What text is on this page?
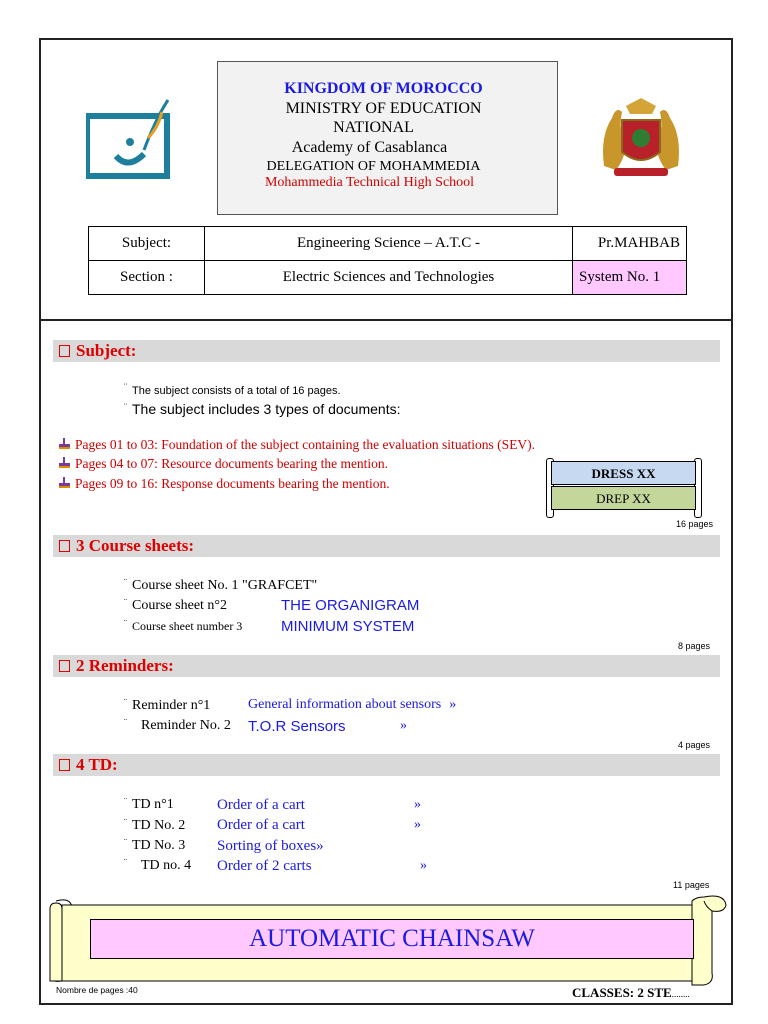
KINGDOM OF MOROCCO
MINISTRY OF EDUCATION
NATIONAL
Academy of Casablanca
DELEGATION OF MOHAMMEDIA
Mohammedia Technical High School
Subject:	Engineering Science – A.T.C -	Pr.MAHBAB
Section :	Electric Sciences and Technologies	System No. 1
Subject:
¨ The subject consists of a total of 16 pages.
¨ The subject includes 3 types of documents:
Pages 01 to 03: Foundation of the subject containing the evaluation situations (SEV).
Pages 04 to 07: Resource documents bearing the mention.
Pages 09 to 16: Response documents bearing the mention.
DRESS XX
DREP XX
16 pages
3 Course sheets:
¨ Course sheet No. 1 "GRAFCET"
¨ Course sheet n°2	THE ORGANIGRAM
¨ Course sheet number 3	MINIMUM SYSTEM
8 pages
2 Reminders:
¨ Reminder n°1	General information about sensors »
¨ Reminder No. 2 T.O.R Sensors	»
4 pages
4 TD:
¨ TD n°1	Order of a cart	»
¨ TD No. 2 Order of a cart	»
¨ TD No. 3 Sorting of boxes»
¨ TD no. 4 Order of 2 carts	»
11 pages
AUTOMATIC CHAINSAW
Nombre de pages :40	CLASSES: 2 STE........
